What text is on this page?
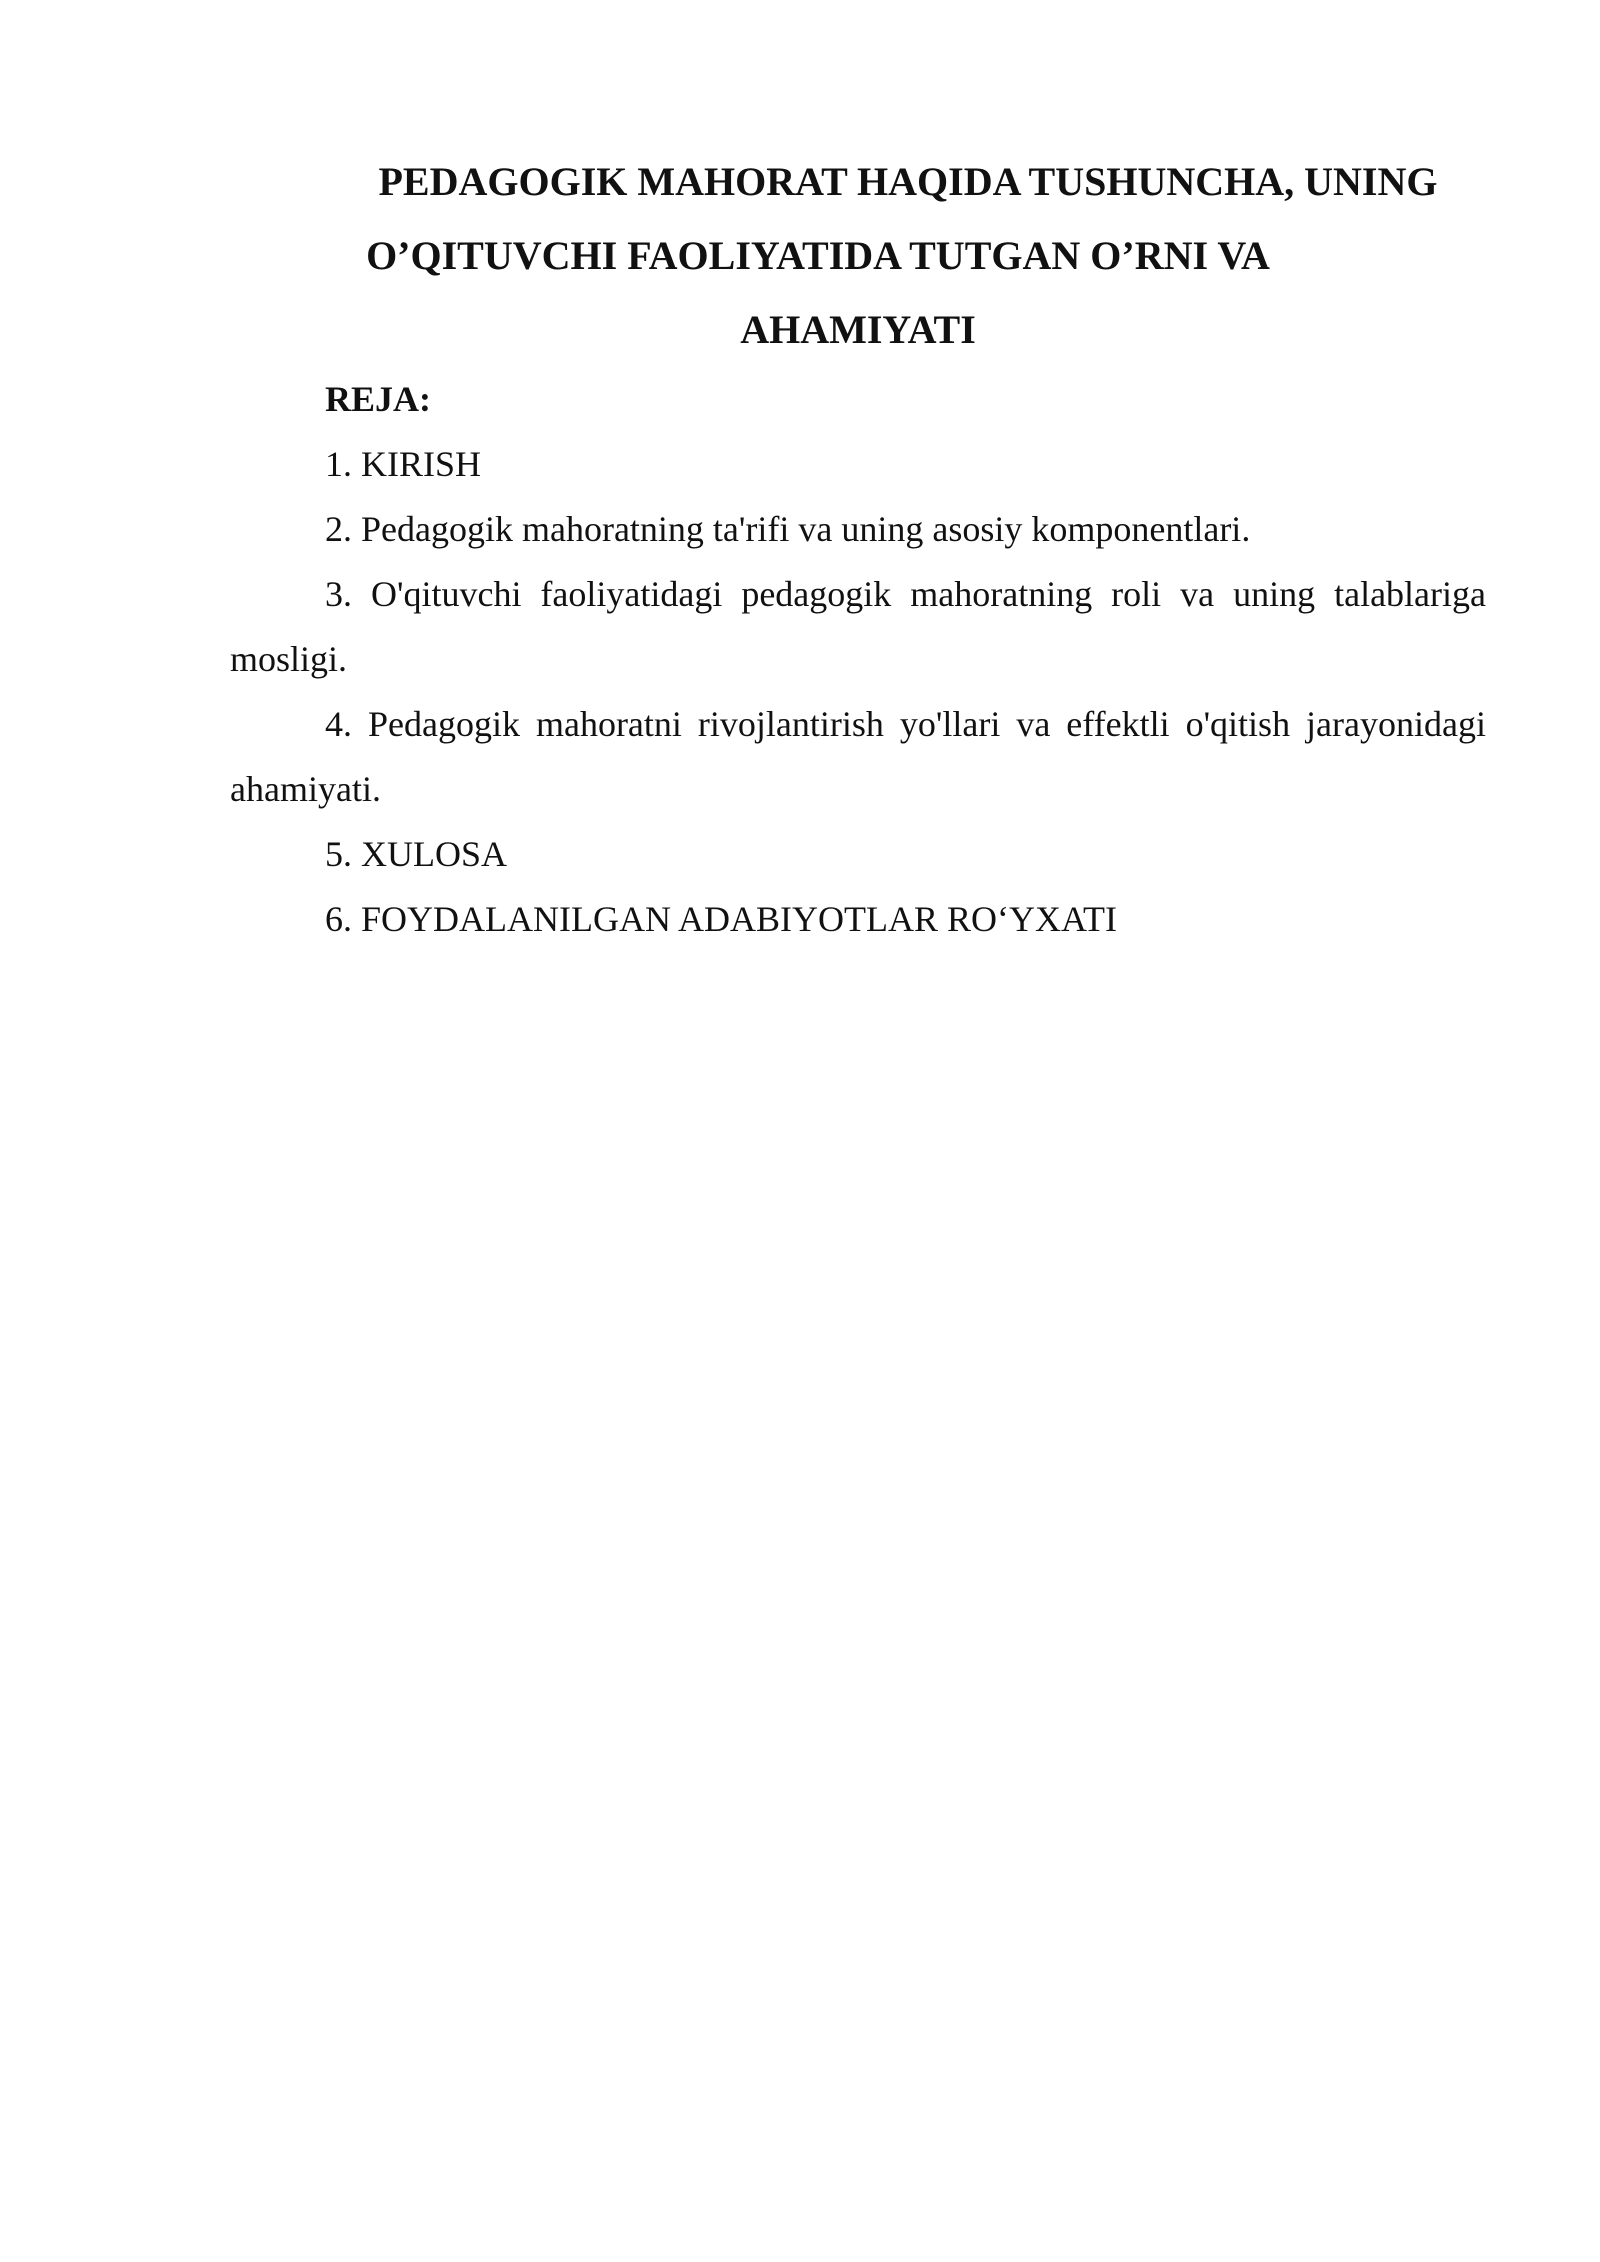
PEDAGOGIK MAHORAT HAQIDA TUSHUNCHA, UNING
O’QITUVCHI FAOLIYATIDA TUTGAN O’RNI VA
AHAMIYATI

REJA:

1. KIRISH

2. Pedagogik mahoratning ta'rifi va uning asosiy komponentlari.

3. O'qituvchi faoliyatidagi pedagogik mahoratning roli va uning talablariga mosligi.

4. Pedagogik mahoratni rivojlantirish yo'llari va effektli o'qitish jarayonidagi ahamiyati.

5. XULOSA

6. FOYDALANILGAN ADABIYOTLAR RO‘YXATI
